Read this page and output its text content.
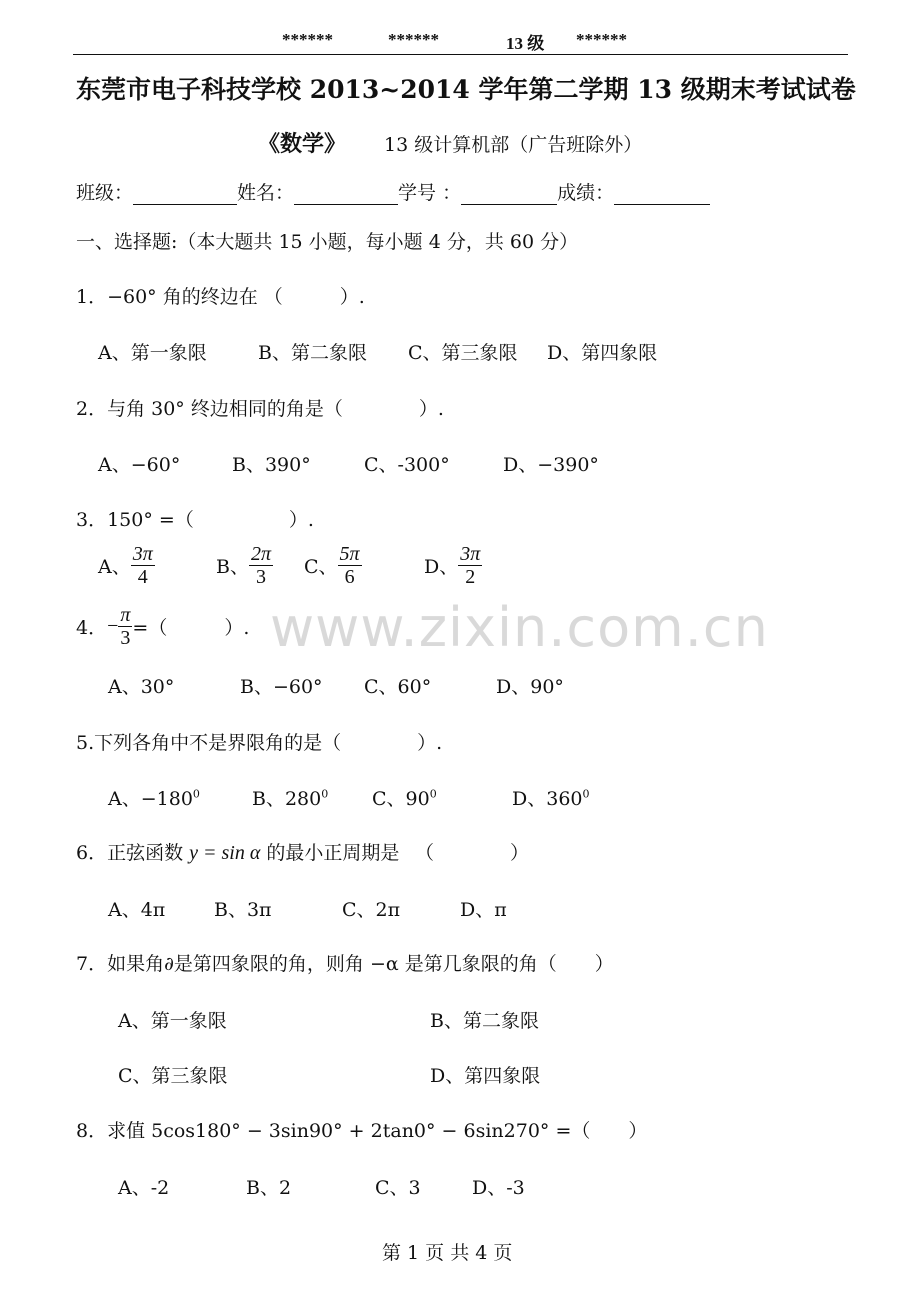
******	******	13 级 ******
东莞市电子科技学校 2013~2014 学年第二学期 13 级期末考试试卷
《数学》 13 级计算机部（广告班除外）
班级：	姓名：	学号 ：	成绩：
一、选择题:（本大题共 15 小题，每小题 4 分，共 60 分）
1．−60° 角的终边在 （　　　）.
A、第一象限	B、第二象限 C、第三象限 D、第四象限
2．与角 30° 终边相同的角是（　　　　）.
A、−60°	B、390°	C、-300°	D、−390°
3．150° =（　　　　　）.
A、 $\frac{3\pi}{4}$	B、 $\frac{2\pi}{3}$ C、 $\frac{5\pi}{6}$	D、 $\frac{3\pi}{2}$
www.zixin.com.cn
4．− $\frac{\pi}{3}$ =（　　　）.
A、30°	B、−60° C、60°	D、90°
5.下列各角中不是界限角的是（　　　　）.
A、$-180^0$	B、$280^0$ C、$90^0$	D、$360^0$
6．正弦函数 y = sin α 的最小正周期是 　（　　　　）
A、4π	B、3π	C、2π	D、π
7．如果角∂是第四象限的角，则角 −α 是第几象限的角（　　）
A、第一象限	B、第二象限
C、第三象限	D、第四象限
8．求值 5cos180° − 3sin90° + 2tan0° − 6sin270° =（　　）
A、-2	B、2	C、3	D、-3
第 1 页 共 4 页
